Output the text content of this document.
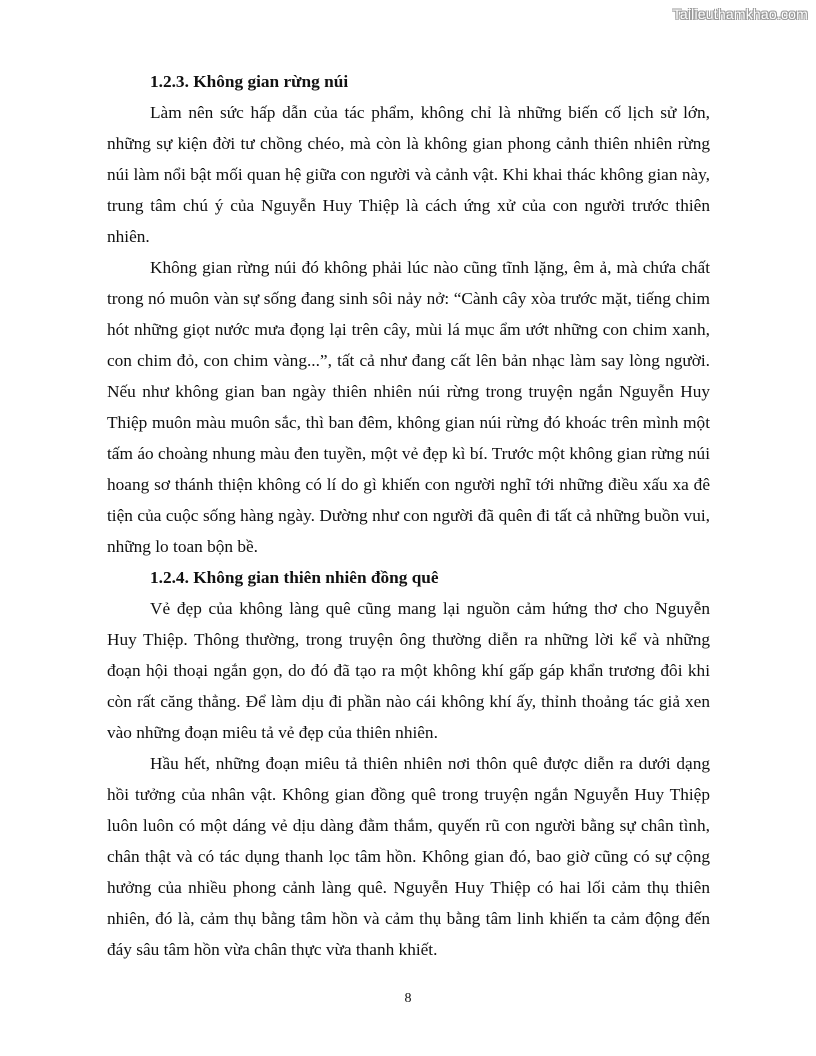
Tailieuthamkhao.com
1.2.3. Không gian rừng núi

Làm nên sức hấp dẫn của tác phẩm, không chỉ là những biến cố lịch sử lớn, những sự kiện đời tư chồng chéo, mà còn là không gian phong cảnh thiên nhiên rừng núi làm nổi bật mối quan hệ giữa con người và cảnh vật. Khi khai thác không gian này, trung tâm chú ý của Nguyễn Huy Thiệp là cách ứng xử của con người trước thiên nhiên.

Không gian rừng núi đó không phải lúc nào cũng tĩnh lặng, êm ả, mà chứa chất trong nó muôn vàn sự sống đang sinh sôi nảy nở: “Cành cây xòa trước mặt, tiếng chim hót những giọt nước mưa đọng lại trên cây, mùi lá mục ẩm ướt những con chim xanh, con chim đỏ, con chim vàng...”, tất cả như đang cất lên bản nhạc làm say lòng người. Nếu như không gian ban ngày thiên nhiên núi rừng trong truyện ngắn Nguyễn Huy Thiệp muôn màu muôn sắc, thì ban đêm, không gian núi rừng đó khoác trên mình một tấm áo choàng nhung màu đen tuyền, một vẻ đẹp kì bí. Trước một không gian rừng núi hoang sơ thánh thiện không có lí do gì khiến con người nghĩ tới những điều xấu xa đê tiện của cuộc sống hàng ngày. Dường như con người đã quên đi tất cả những buồn vui, những lo toan bộn bề.

1.2.4. Không gian thiên nhiên đồng quê

Vẻ đẹp của không làng quê cũng mang lại nguồn cảm hứng thơ cho Nguyễn Huy Thiệp. Thông thường, trong truyện ông thường diễn ra những lời kể và những đoạn hội thoại ngắn gọn, do đó đã tạo ra một không khí gấp gáp khẩn trương đôi khi còn rất căng thẳng. Để làm dịu đi phần nào cái không khí ấy, thỉnh thoảng tác giả xen vào những đoạn miêu tả vẻ đẹp của thiên nhiên.

Hầu hết, những đoạn miêu tả thiên nhiên nơi thôn quê được diễn ra dưới dạng hồi tưởng của nhân vật. Không gian đồng quê trong truyện ngắn Nguyễn Huy Thiệp luôn luôn có một dáng vẻ dịu dàng đằm thắm, quyến rũ con người bằng sự chân tình, chân thật và có tác dụng thanh lọc tâm hồn. Không gian đó, bao giờ cũng có sự cộng hưởng của nhiều phong cảnh làng quê. Nguyễn Huy Thiệp có hai lối cảm thụ thiên nhiên, đó là, cảm thụ bằng tâm hồn và cảm thụ bằng tâm linh khiến ta cảm động đến đáy sâu tâm hồn vừa chân thực vừa thanh khiết.

8
